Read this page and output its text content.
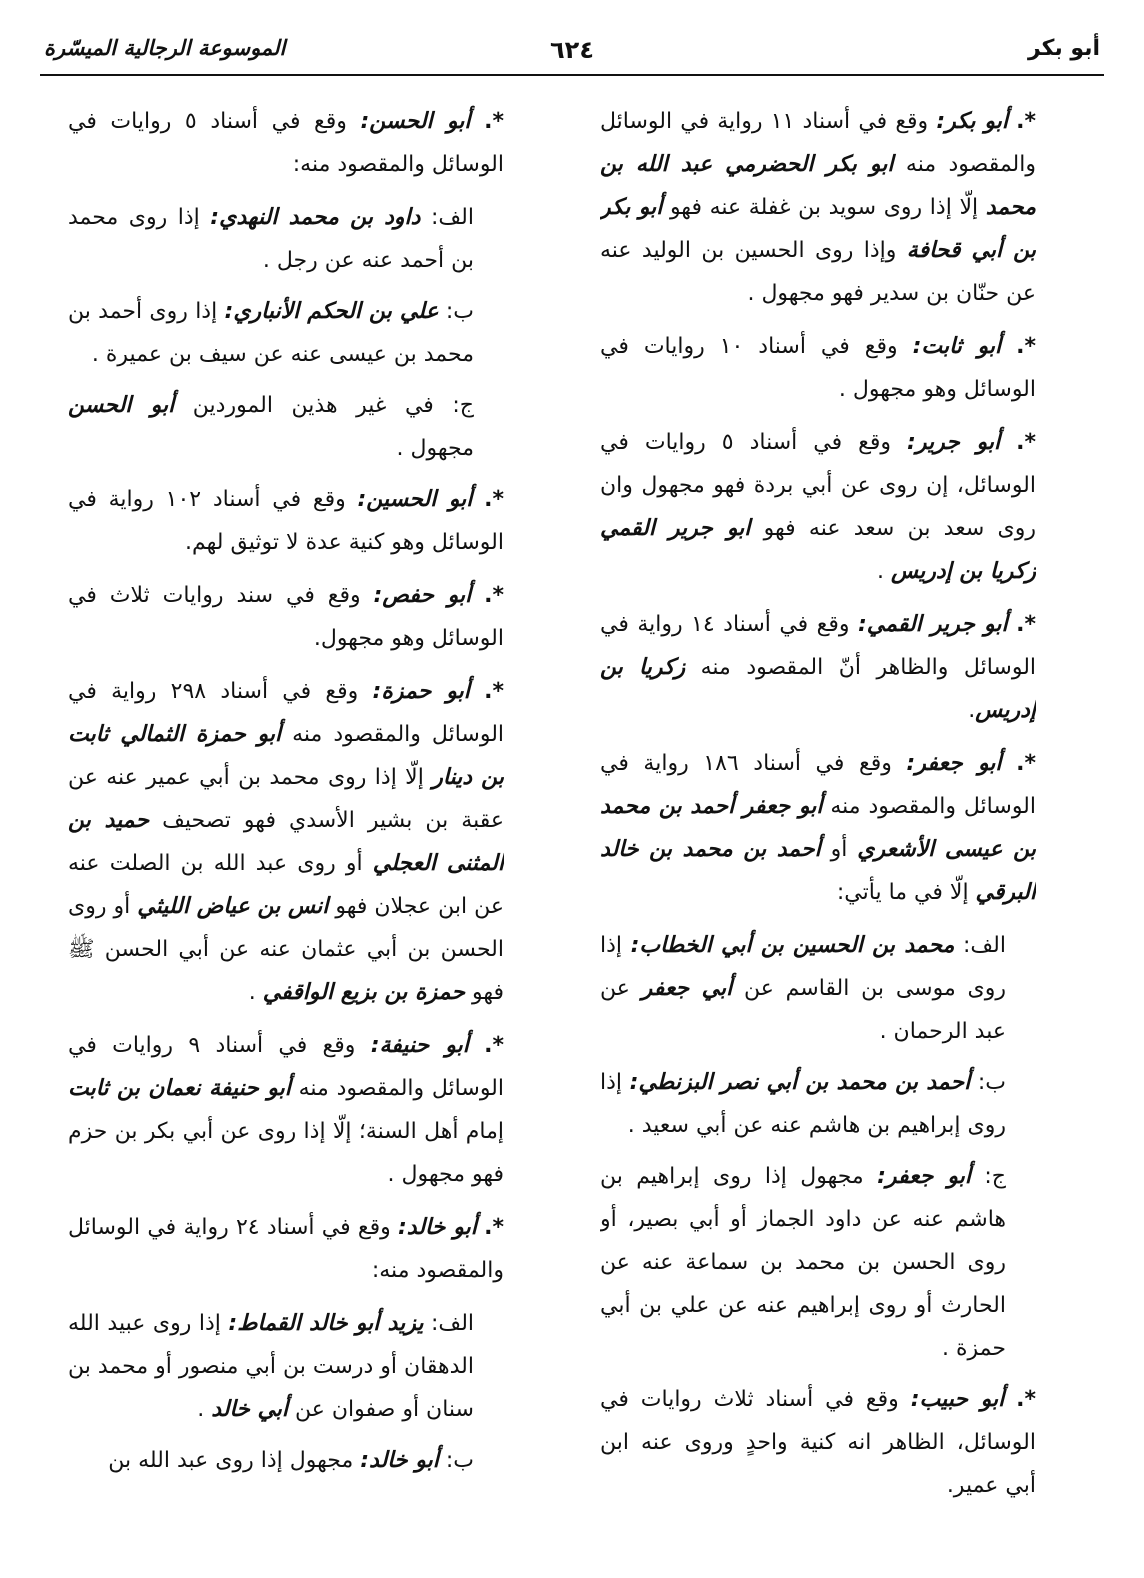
أبو بكر
٦٢٤
الموسوعة الرجالية الميسّرة
*. أبو بكر: وقع في أسناد ١١ رواية في الوسائل والمقصود منه ابو بكر الحضرمي عبد الله بن محمد إلّا إذا روى سويد بن غفلة عنه فهو أبو بكر بن أبي قحافة وإذا روى الحسين بن الوليد عنه عن حنّان بن سدير فهو مجهول .
*. أبو ثابت: وقع في أسناد ١٠ روايات في الوسائل وهو مجهول .
*. أبو جرير: وقع في أسناد ٥ روايات في الوسائل، إن روى عن أبي بردة فهو مجهول وان روى سعد بن سعد عنه فهو ابو جرير القمي زكريا بن إدريس .
*. أبو جرير القمي: وقع في أسناد ١٤ رواية في الوسائل والظاهر أنّ المقصود منه زكريا بن إدريس.
*. أبو جعفر: وقع في أسناد ١٨٦ رواية في الوسائل والمقصود منه أبو جعفر أحمد بن محمد بن عيسى الأشعري أو أحمد بن محمد بن خالد البرقي إلّا في ما يأتي:
الف: محمد بن الحسين بن أبي الخطاب: إذا روى موسى بن القاسم عن أبي جعفر عن عبد الرحمان .
ب: أحمد بن محمد بن أبي نصر البزنطي: إذا روى إبراهيم بن هاشم عنه عن أبي سعيد .
ج: أبو جعفر: مجهول إذا روى إبراهيم بن هاشم عنه عن داود الجماز أو أبي بصير، أو روى الحسن بن محمد بن سماعة عنه عن الحارث أو روى إبراهيم عنه عن علي بن أبي حمزة .
*. أبو حبيب: وقع في أسناد ثلاث روايات في الوسائل، الظاهر انه كنية واحدٍ وروى عنه ابن أبي عمير.
*. أبو الحسن: وقع في أسناد ٥ روايات في الوسائل والمقصود منه:
الف: داود بن محمد النهدي: إذا روى محمد بن أحمد عنه عن رجل .
ب: علي بن الحكم الأنباري: إذا روى أحمد بن محمد بن عيسى عنه عن سيف بن عميرة .
ج: في غير هذين الموردين أبو الحسن مجهول .
*. أبو الحسين: وقع في أسناد ١٠٢ رواية في الوسائل وهو كنية عدة لا توثيق لهم.
*. أبو حفص: وقع في سند روايات ثلاث في الوسائل وهو مجهول.
*. أبو حمزة: وقع في أسناد ٢٩٨ رواية في الوسائل والمقصود منه أبو حمزة الثمالي ثابت بن دينار إلّا إذا روى محمد بن أبي عمير عنه عن عقبة بن بشير الأسدي فهو تصحيف حميد بن المثنى العجلي أو روى عبد الله بن الصلت عنه عن ابن عجلان فهو انس بن عياض الليثي أو روى الحسن بن أبي عثمان عنه عن أبي الحسن ﷺ فهو حمزة بن بزيع الواقفي .
*. أبو حنيفة: وقع في أسناد ٩ روايات في الوسائل والمقصود منه أبو حنيفة نعمان بن ثابت إمام أهل السنة؛ إلّا إذا روى عن أبي بكر بن حزم فهو مجهول .
*. أبو خالد: وقع في أسناد ٢٤ رواية في الوسائل والمقصود منه:
الف: يزيد أبو خالد القماط: إذا روى عبيد الله الدهقان أو درست بن أبي منصور أو محمد بن سنان أو صفوان عن أبي خالد .
ب: أبو خالد: مجهول إذا روى عبد الله بن
